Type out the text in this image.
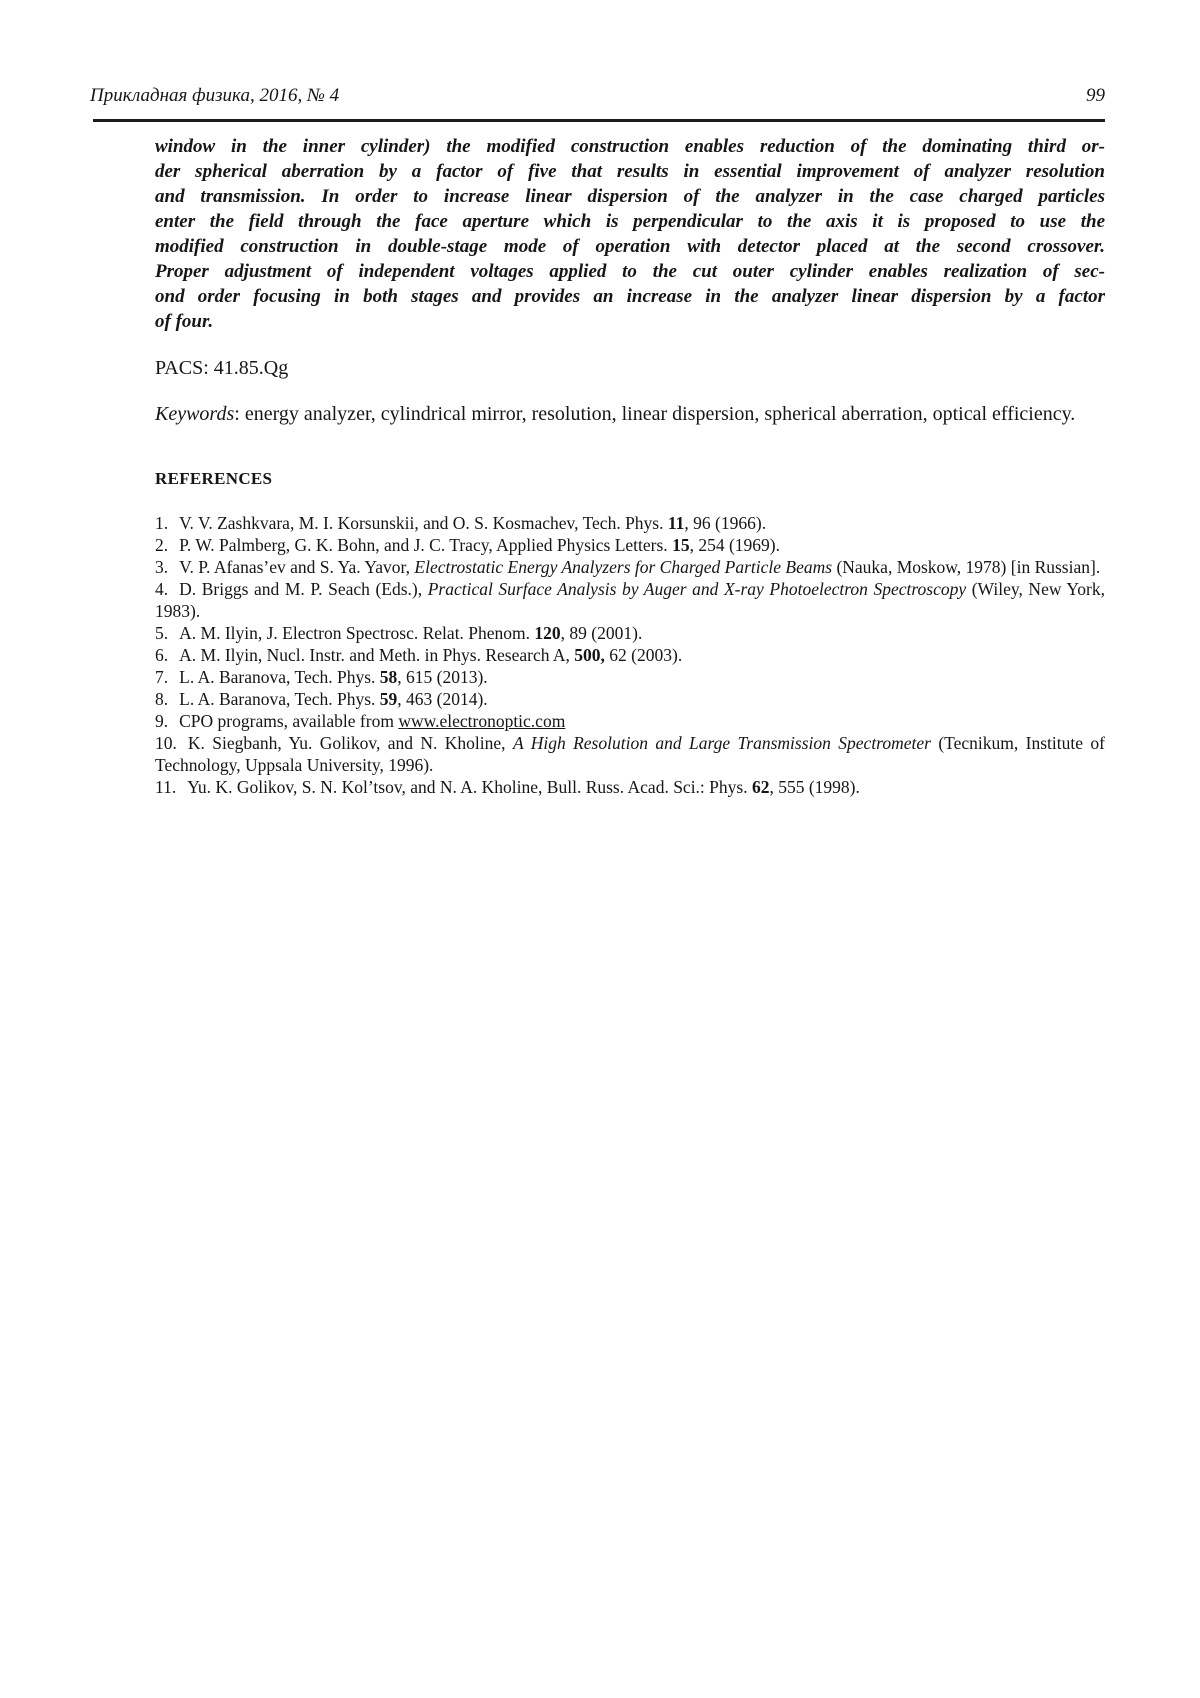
Прикладная физика, 2016, № 4	99
window in the inner cylinder) the modified construction enables reduction of the dominating third or-
der spherical aberration by a factor of five that results in essential improvement of analyzer resolution
and transmission. In order to increase linear dispersion of the analyzer in the case charged particles
enter the field through the face aperture which is perpendicular to the axis it is proposed to use the
modified construction in double-stage mode of operation with detector placed at the second crossover.
Proper adjustment of independent voltages applied to the cut outer cylinder enables realization of sec-
ond order focusing in both stages and provides an increase in the analyzer linear dispersion by a factor
of four.

PACS: 41.85.Qg

Keywords: energy analyzer, cylindrical mirror, resolution, linear dispersion, spherical aberration, optical efficiency.

REFERENCES

1. V. V. Zashkvara, M. I. Korsunskii, and O. S. Kosmachev, Tech. Phys. 11, 96 (1966).

2. P. W. Palmberg, G. K. Bohn, and J. C. Tracy, Applied Physics Letters. 15, 254 (1969).

3. V. P. Afanas’ev and S. Ya. Yavor, Electrostatic Energy Analyzers for Charged Particle Beams (Nauka, Moskow, 1978) [in Russian].

4. D. Briggs and M. P. Seach (Eds.), Practical Surface Analysis by Auger and X-ray Photoelectron Spectroscopy (Wiley, New York, 1983).

5. A. M. Ilyin, J. Electron Spectrosc. Relat. Phenom. 120, 89 (2001).

6. A. M. Ilyin, Nucl. Instr. and Meth. in Phys. Research A, 500, 62 (2003).

7. L. A. Baranova, Tech. Phys. 58, 615 (2013).

8. L. A. Baranova, Tech. Phys. 59, 463 (2014).

9. CPO programs, available from www.electronoptic.com

10. K. Siegbanh, Yu. Golikov, and N. Kholine, A High Resolution and Large Transmission Spectrometer (Tecnikum, Institute of Technology, Uppsala University, 1996).

11. Yu. K. Golikov, S. N. Kol’tsov, and N. A. Kholine, Bull. Russ. Acad. Sci.: Phys. 62, 555 (1998).
